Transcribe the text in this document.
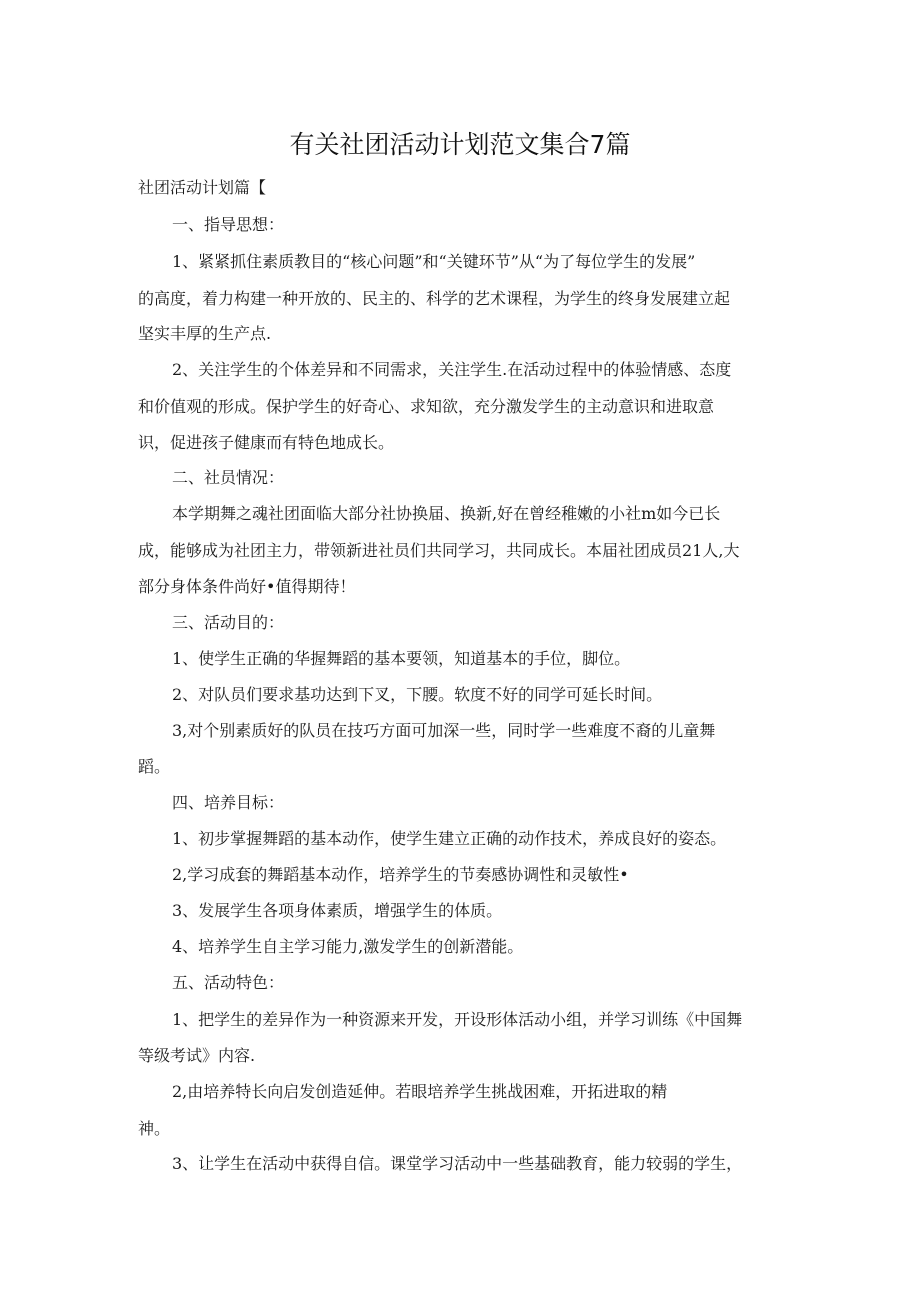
有关社团活动计划范文集合7篇
社团活动计划篇【
一、指导思想：
1、紧紧抓住素质教目的“核心问题”和“关键环节”从“为了每位学生的发展”
的高度，着力构建一种开放的、民主的、科学的艺术课程，为学生的终身发展建立起
坚实丰厚的生产点.
2、关注学生的个体差异和不同需求，关注学生.在活动过程中的体验情感、态度
和价值观的形成。保护学生的好奇心、求知欲，充分激发学生的主动意识和进取意
识，促进孩子健康而有特色地成长。
二、社员情况：
本学期舞之魂社团面临大部分社协换届、换新,好在曾经稚嫩的小社m如今已长
成，能够成为社团主力，带领新进社员们共同学习，共同成长。本届社团成员21人,大
部分身体条件尚好•值得期待！
三、活动目的：
1、使学生正确的华握舞蹈的基本要领，知道基本的手位，脚位。
2、对队员们要求基功达到下叉，下腰。软度不好的同学可延长时间。
3,对个别素质好的队员在技巧方面可加深一些，同时学一些难度不裔的儿童舞
蹈。
四、培养目标：
1、初步掌握舞蹈的基本动作，使学生建立正确的动作技术，养成良好的姿态。
2,学习成套的舞蹈基本动作，培养学生的节奏感协调性和灵敏性•
3、发展学生各项身体素质，增强学生的体质。
4、培养学生自主学习能力,激发学生的创新潜能。
五、活动特色：
1、把学生的差异作为一种资源来开发，开设形体活动小组，并学习训练《中国舞
等级考试》内容.
2,由培养特长向启发创造延伸。若眼培养学生挑战困难，开拓进取的精
神。
3、让学生在活动中获得自信。课堂学习活动中一些基础教育，能力较弱的学生，
